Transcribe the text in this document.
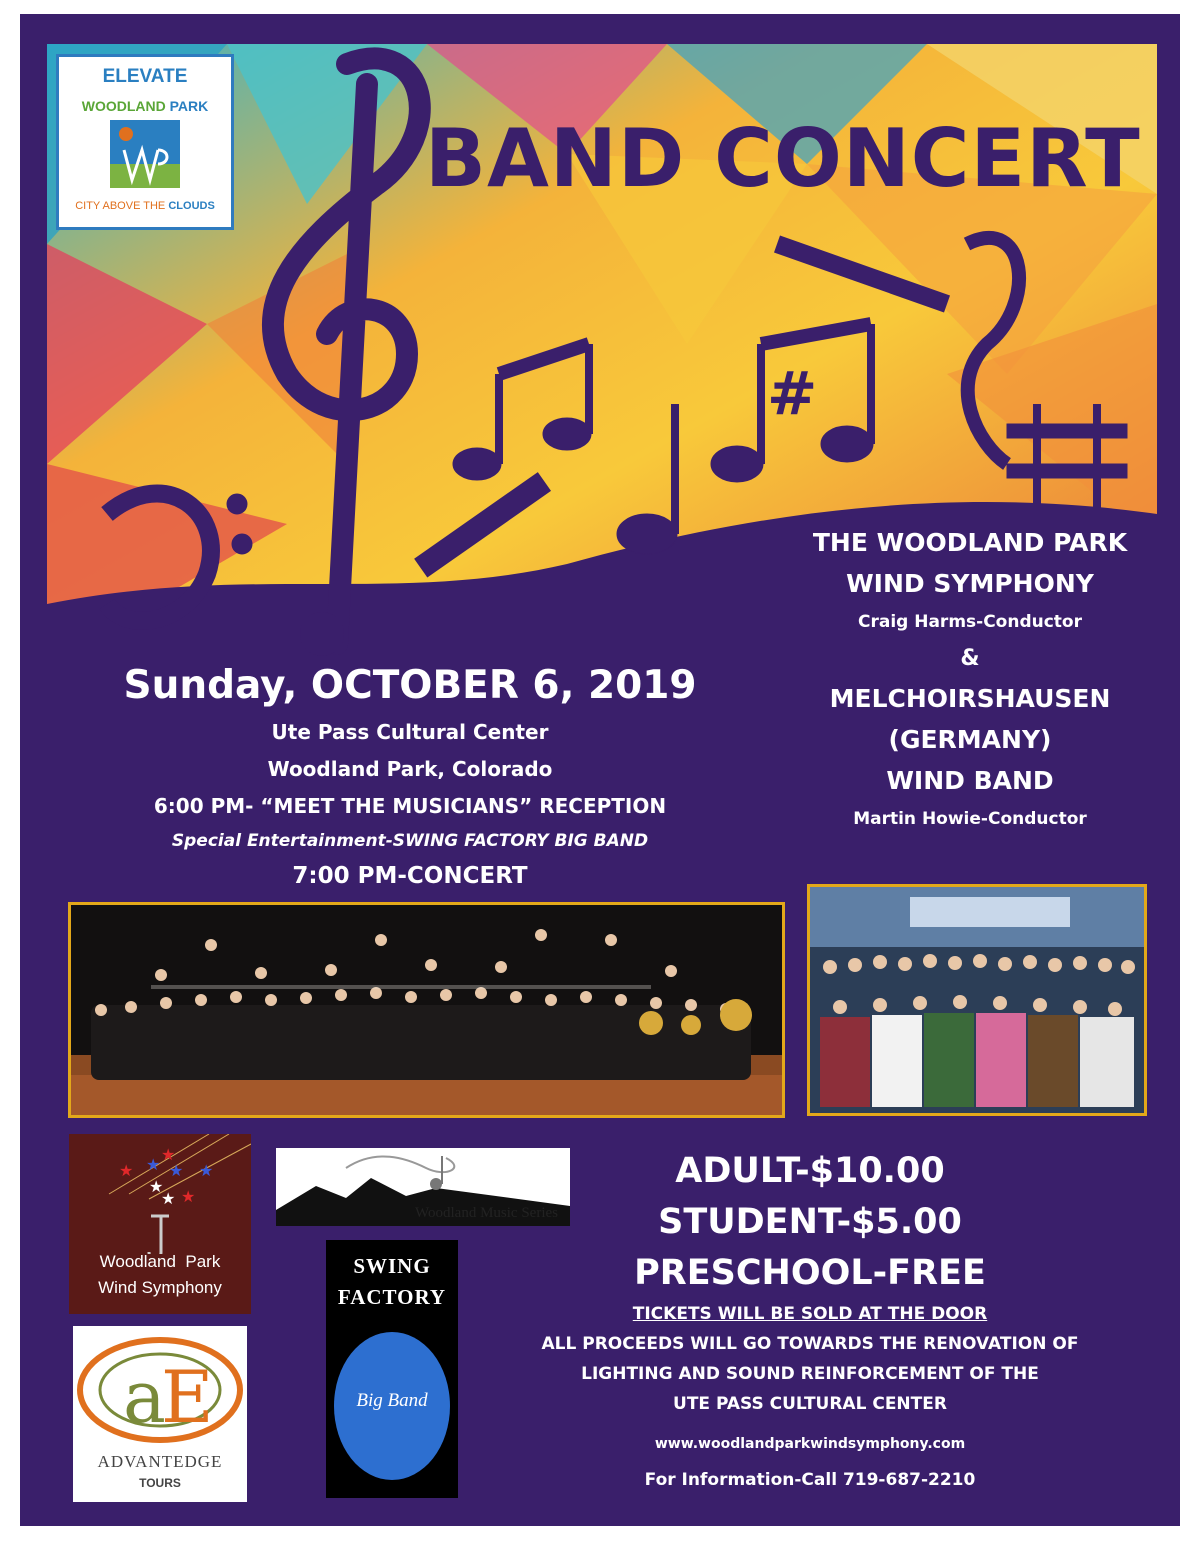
#
ELEVATE
WOODLAND PARK
CITY ABOVE THE CLOUDS
BAND CONCERT
THE WOODLAND PARK
WIND SYMPHONY
Craig Harms-Conductor
&
MELCHOIRSHAUSEN
(GERMANY)
WIND BAND
Martin Howie-Conductor
Sunday, OCTOBER 6, 2019
Ute Pass Cultural Center
Woodland Park, Colorado
6:00 PM- “MEET THE MUSICIANS” RECEPTION
Special Entertainment-SWING FACTORY BIG BAND
7:00 PM-CONCERT
★
★ ★
★	★
★
★ ★
Woodland Park
Wind Symphony
Woodland Music Series
SWING
FACTORY
Big Band
a
E
ADVANTEDGE
TOURS
ADULT-$10.00
STUDENT-$5.00
PRESCHOOL-FREE
TICKETS WILL BE SOLD AT THE DOOR
ALL PROCEEDS WILL GO TOWARDS THE RENOVATION OF
LIGHTING AND SOUND REINFORCEMENT OF THE
UTE PASS CULTURAL CENTER
www.woodlandparkwindsymphony.com
For Information-Call 719-687-2210
